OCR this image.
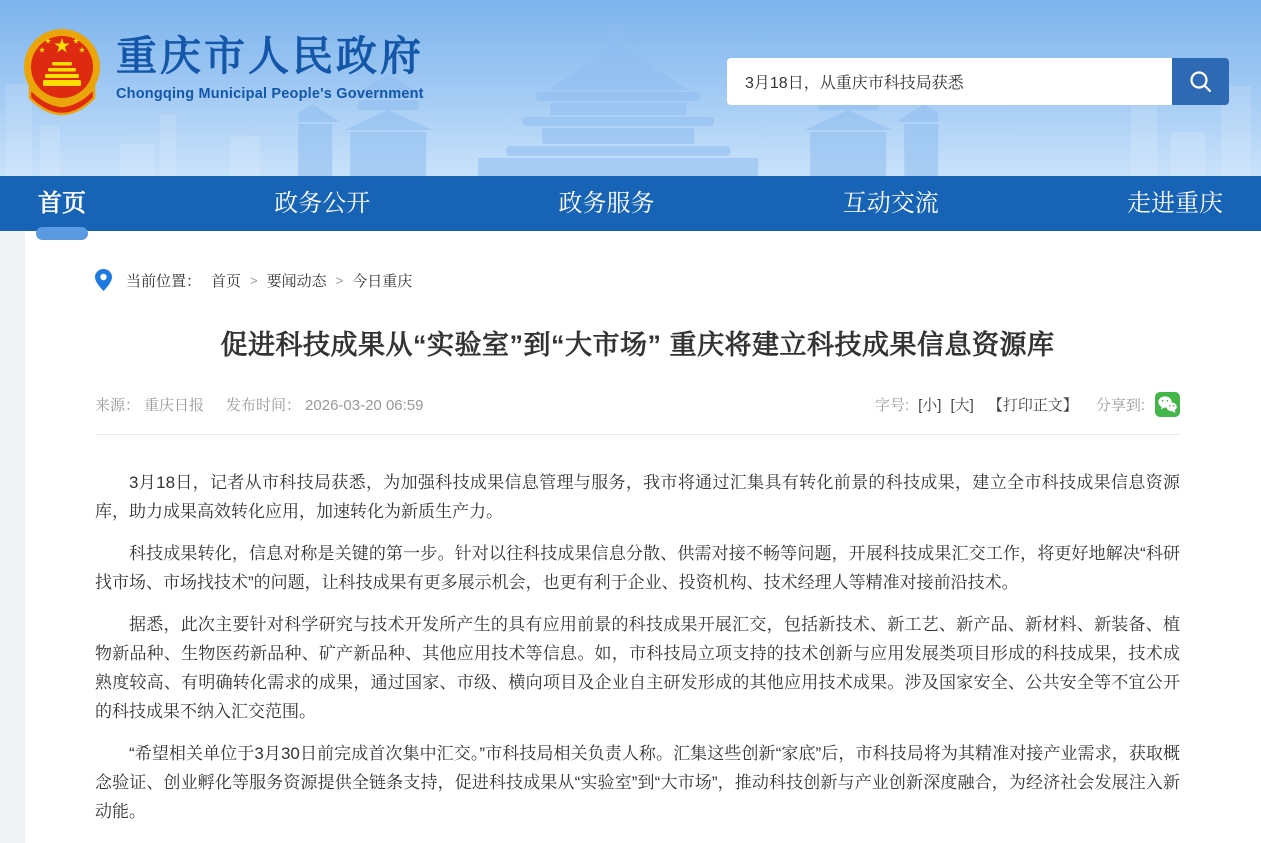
重庆市人民政府
Chongqing Municipal People's Government
3月18日，从重庆市科技局获悉
首页	政务公开	政务服务	互动交流	走进重庆
当前位置： 首页 > 要闻动态 > 今日重庆
促进科技成果从“实验室”到“大市场” 重庆将建立科技成果信息资源库
来源： 重庆日报 发布时间： 2026-03-20 06:59	字号: [小] [大] 【打印正文】 分享到:

3月18日，记者从市科技局获悉，为加强科技成果信息管理与服务，我市将通过汇集具有转化前景的科技成果，建立全市科技成果信息资源库，助力成果高效转化应用，加速转化为新质生产力。

科技成果转化，信息对称是关键的第一步。针对以往科技成果信息分散、供需对接不畅等问题，开展科技成果汇交工作，将更好地解决“科研找市场、市场找技术”的问题，让科技成果有更多展示机会，也更有利于企业、投资机构、技术经理人等精准对接前沿技术。

据悉，此次主要针对科学研究与技术开发所产生的具有应用前景的科技成果开展汇交，包括新技术、新工艺、新产品、新材料、新装备、植物新品种、生物医药新品种、矿产新品种、其他应用技术等信息。如，市科技局立项支持的技术创新与应用发展类项目形成的科技成果，技术成熟度较高、有明确转化需求的成果，通过国家、市级、横向项目及企业自主研发形成的其他应用技术成果。涉及国家安全、公共安全等不宜公开的科技成果不纳入汇交范围。

“希望相关单位于3月30日前完成首次集中汇交。”市科技局相关负责人称。汇集这些创新“家底”后，市科技局将为其精准对接产业需求，获取概念验证、创业孵化等服务资源提供全链条支持，促进科技成果从“实验室”到“大市场”，推动科技创新与产业创新深度融合，为经济社会发展注入新动能。
